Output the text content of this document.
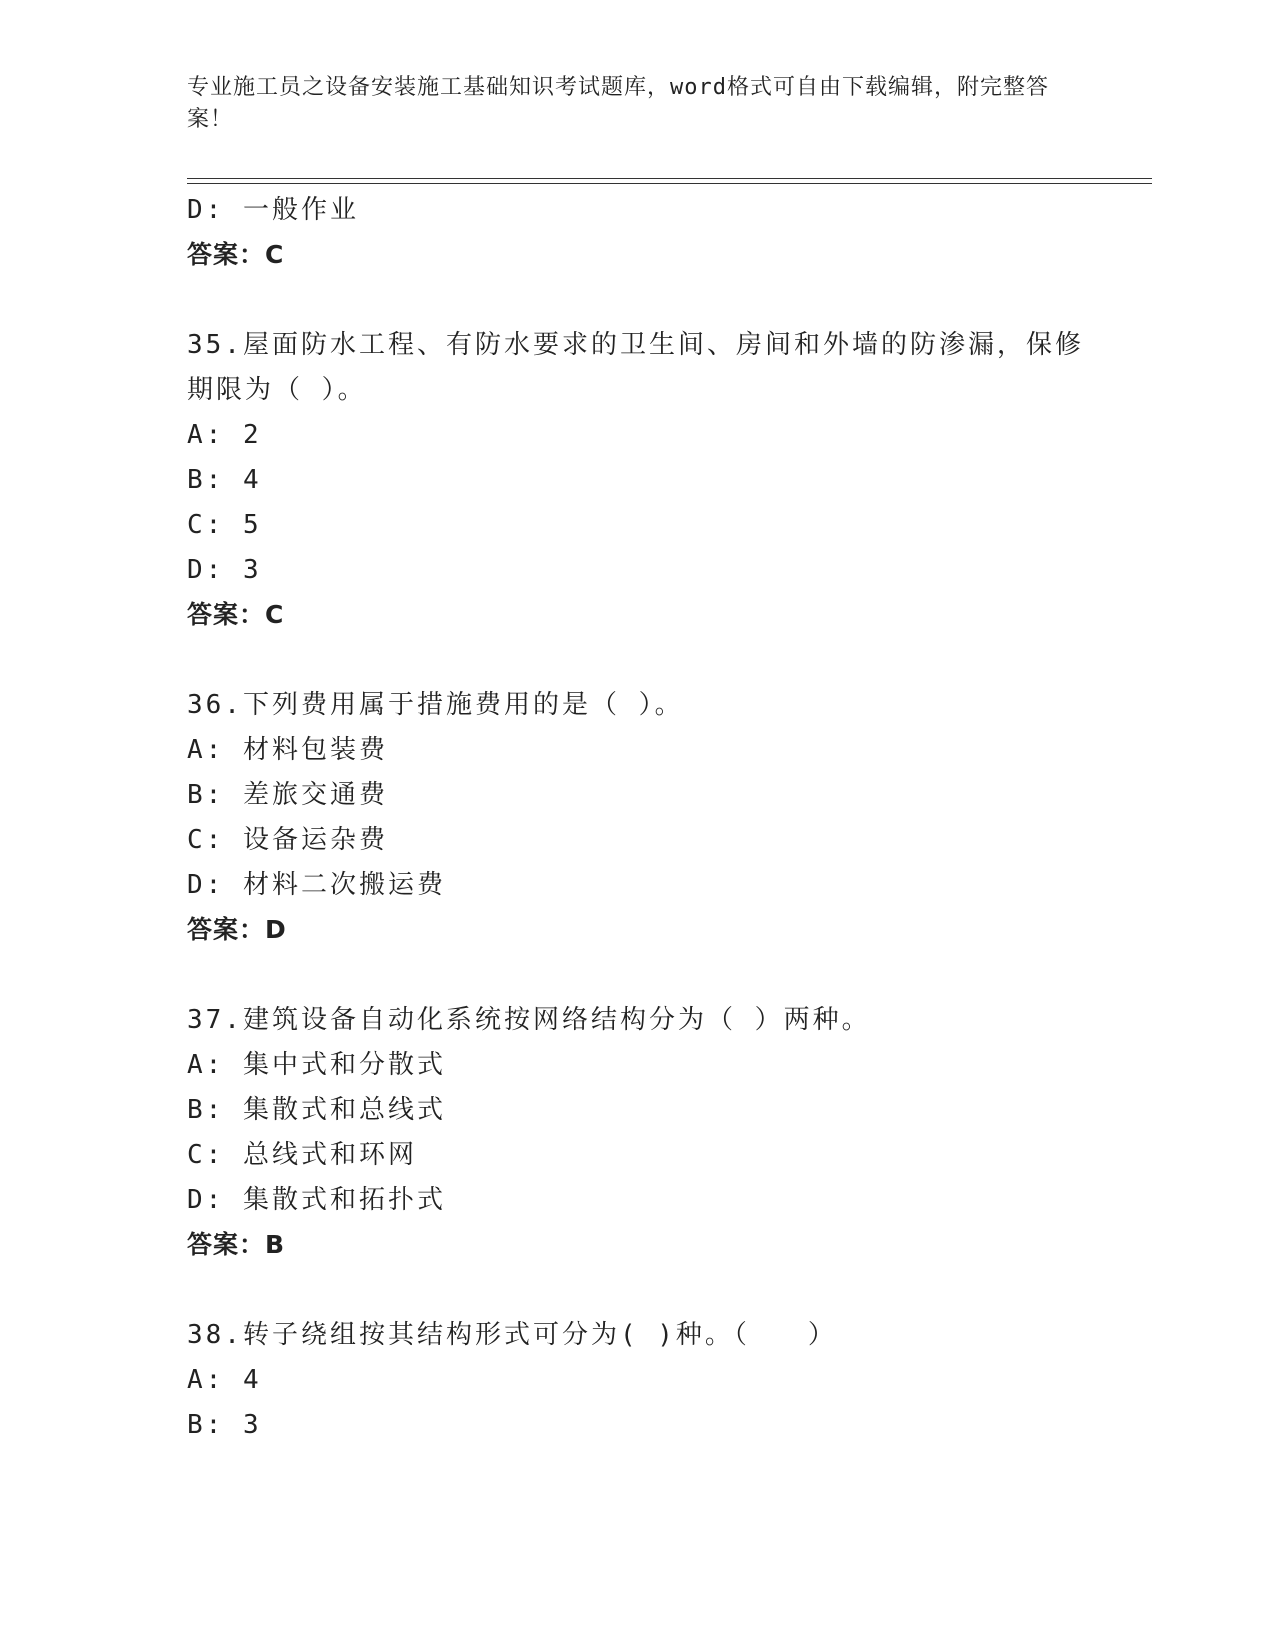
专业施工员之设备安装施工基础知识考试题库，word格式可自由下载编辑，附完整答案！

D: 一般作业
答案：C
35.屋面防水工程、有防水要求的卫生间、房间和外墙的防渗漏，保修
期限为（ ）。
A: 2
B: 4
C: 5
D: 3
答案：C
36.下列费用属于措施费用的是（ ）。
A: 材料包装费
B: 差旅交通费
C: 设备运杂费
D: 材料二次搬运费
答案：D
37.建筑设备自动化系统按网络结构分为（ ）两种。
A: 集中式和分散式
B: 集散式和总线式
C: 总线式和环网
D: 集散式和拓扑式
答案：B
38.转子绕组按其结构形式可分为( )种。（　　）
A: 4
B: 3
